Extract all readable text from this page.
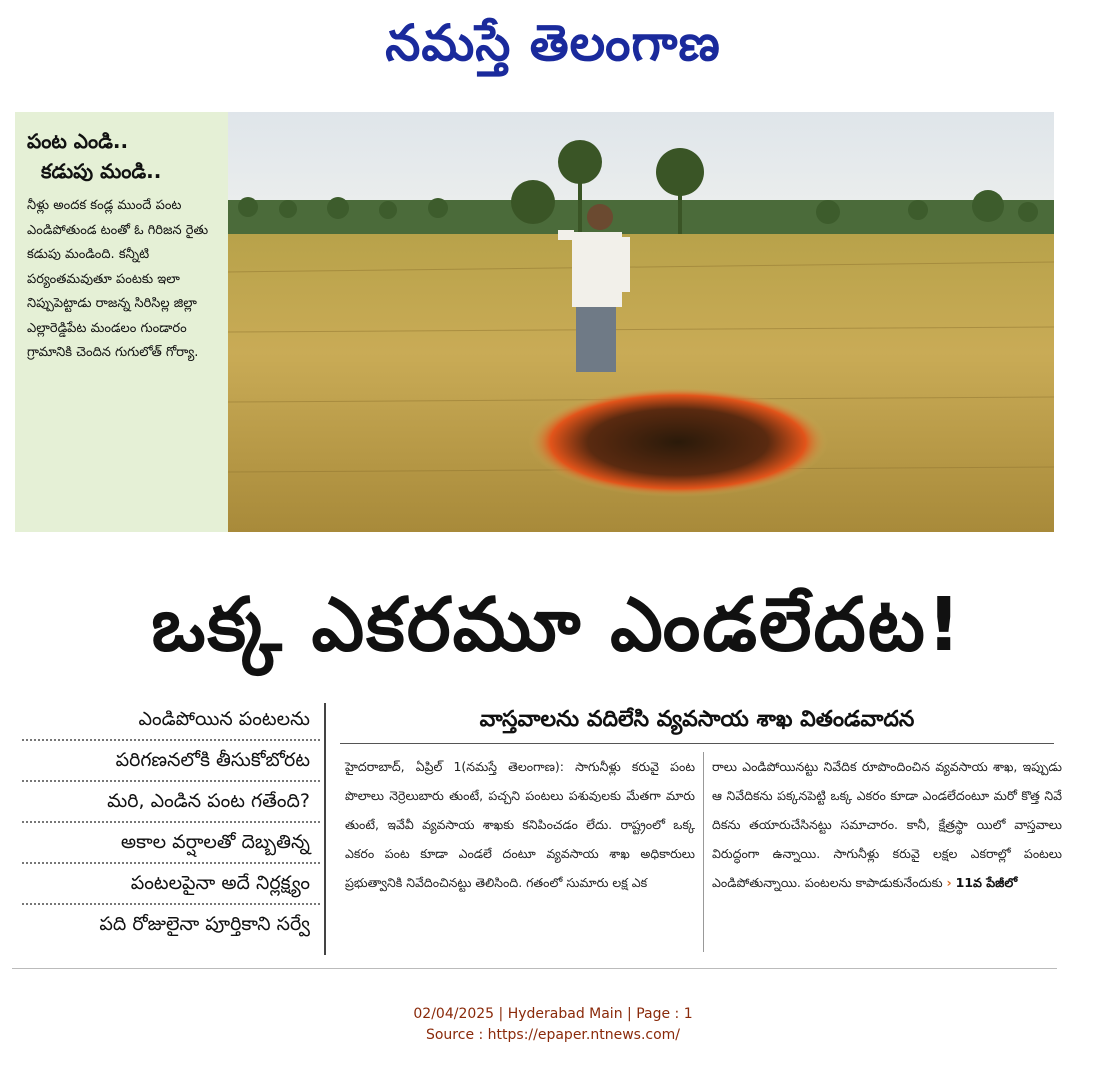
నమస్తే తెలంగాణ
పంట ఎండి..
కడుపు మండి..
నీళ్లు అందక కండ్ల ముందే పంట ఎండిపోతుండ టంతో ఓ గిరిజన రైతు కడుపు మండింది. కన్నీటి పర్యంతమవుతూ పంటకు ఇలా నిప్పుపెట్టాడు రాజన్న సిరిసిల్ల జిల్లా ఎల్లారెడ్డిపేట మండలం గుండారం గ్రామానికి చెందిన గుగులోత్ గోర్యా.
ఒక్క ఎకరమూ ఎండలేదట!
ఎండిపోయిన పంటలను
పరిగణనలోకి తీసుకోబోరట
మరి, ఎండిన పంట గతేంది?
అకాల వర్షాలతో దెబ్బతిన్న
పంటలపైనా అదే నిర్లక్ష్యం
పది రోజులైనా పూర్తికాని సర్వే
వాస్తవాలను వదిలేసి వ్యవసాయ శాఖ వితండవాదన
హైదరాబాద్, ఏప్రిల్ 1(నమస్తే తెలంగాణ): సాగునీళ్లు కరువై పంట పొలాలు నెర్రెలుబారు తుంటే, పచ్చని పంటలు పశువులకు మేతగా మారు తుంటే, ఇవేవీ వ్యవసాయ శాఖకు కనిపించడం లేదు. రాష్ట్రంలో ఒక్క ఎకరం పంట కూడా ఎండలే దంటూ వ్యవసాయ శాఖ అధికారులు ప్రభుత్వానికి నివేదించినట్టు తెలిసింది. గతంలో సుమారు లక్ష ఎక
రాలు ఎండిపోయినట్టు నివేదిక రూపొందించిన వ్యవసాయ శాఖ, ఇప్పుడు ఆ నివేదికను పక్కనపెట్టి ఒక్క ఎకరం కూడా ఎండలేదంటూ మరో కొత్త నివే దికను తయారుచేసినట్టు సమాచారం. కానీ, క్షేత్రస్థా యిలో వాస్తవాలు విరుద్ధంగా ఉన్నాయి. సాగునీళ్లు కరువై లక్షల ఎకరాల్లో పంటలు ఎండిపోతున్నాయి. పంటలను కాపాడుకునేందుకు › 11వ పేజీలో
02/04/2025 | Hyderabad Main | Page : 1
Source : https://epaper.ntnews.com/
